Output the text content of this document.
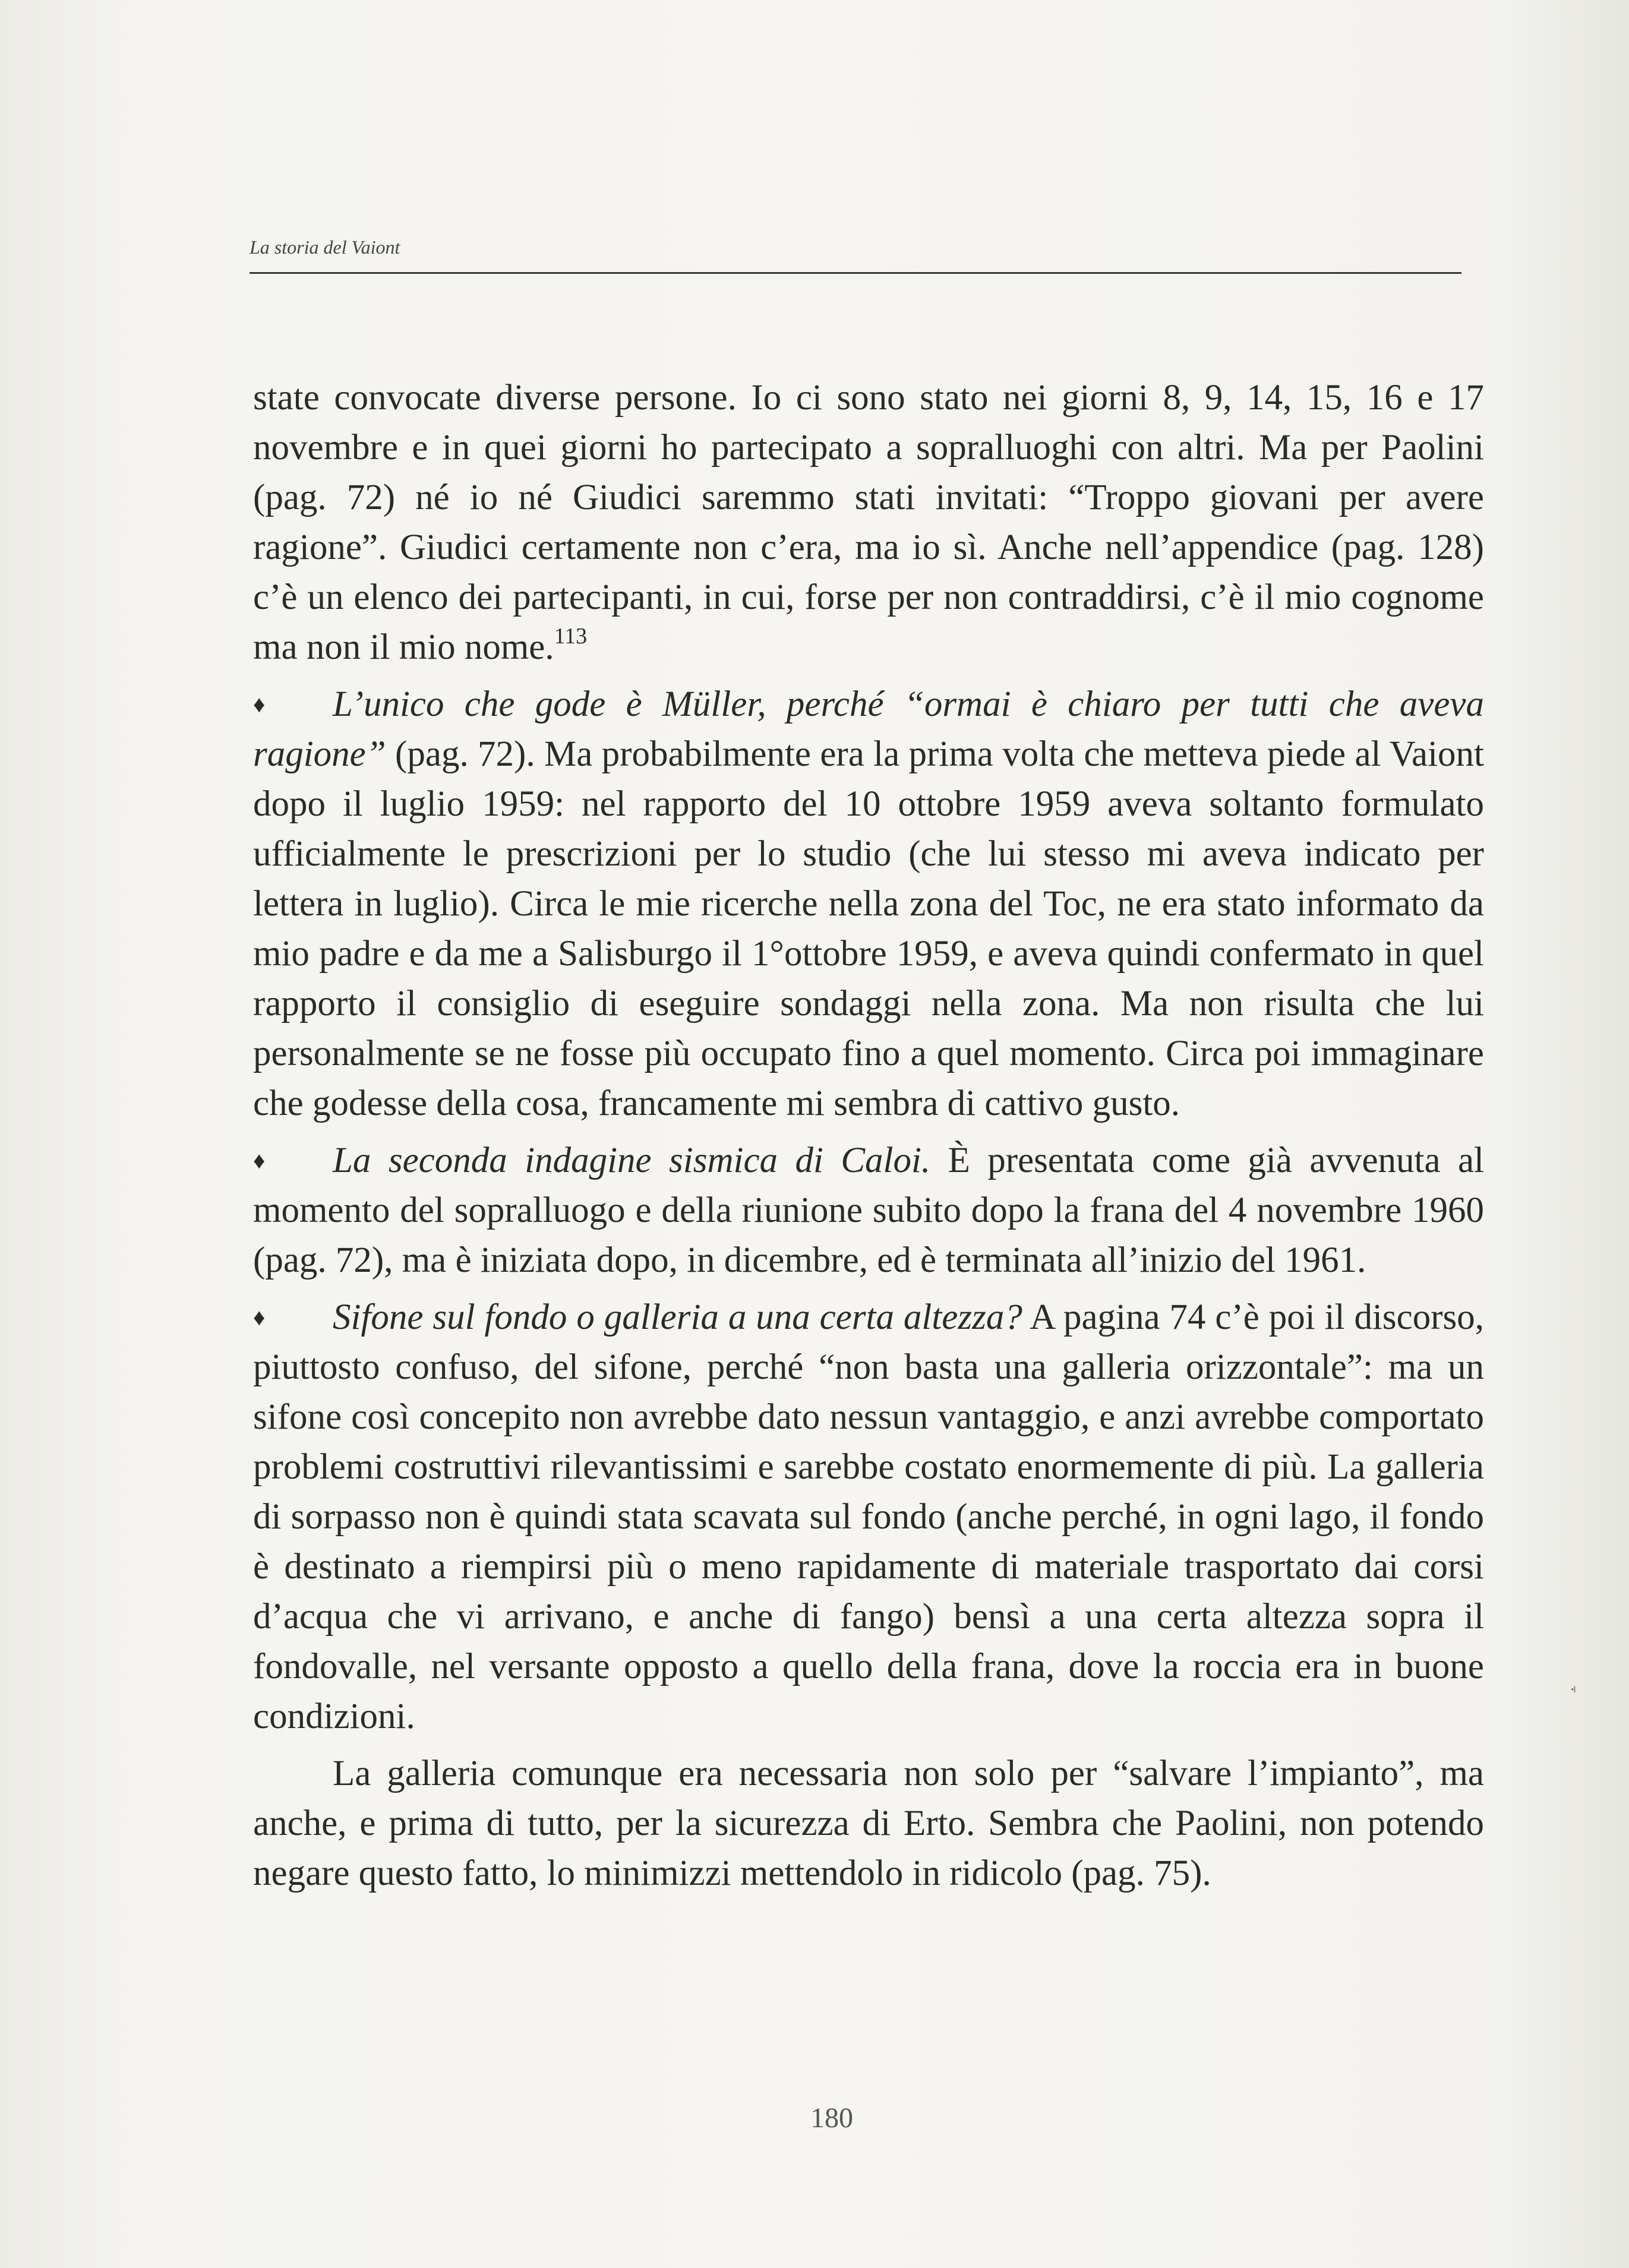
La storia del Vaiont

state convocate diverse persone. Io ci sono stato nei giorni 8, 9, 14, 15, 16 e 17 novembre e in quei giorni ho partecipato a sopralluoghi con altri. Ma per Paolini (pag. 72) né io né Giudici saremmo stati invitati: “Troppo giovani per avere ragione”. Giudici certamente non c’era, ma io sì. Anche nell’appendice (pag. 128) c’è un elenco dei partecipanti, in cui, forse per non contraddirsi, c’è il mio cognome ma non il mio nome.$^{113}$

♦ L’unico che gode è Müller, perché “ormai è chiaro per tutti che aveva ragione” (pag. 72). Ma probabilmente era la prima volta che metteva piede al Vaiont dopo il luglio 1959: nel rapporto del 10 ottobre 1959 aveva soltanto formulato ufficialmente le prescrizioni per lo studio (che lui stesso mi aveva indicato per lettera in luglio). Circa le mie ricerche nella zona del Toc, ne era stato informato da mio padre e da me a Salisburgo il 1°ottobre 1959, e aveva quindi confermato in quel rapporto il consiglio di eseguire sondaggi nella zona. Ma non risulta che lui personalmente se ne fosse più occupato fino a quel momento. Circa poi immaginare che godesse della cosa, francamente mi sembra di cattivo gusto.

♦ La seconda indagine sismica di Caloi. È presentata come già avvenuta al momento del sopralluogo e della riunione subito dopo la frana del 4 novembre 1960 (pag. 72), ma è iniziata dopo, in dicembre, ed è terminata all’inizio del 1961.

♦ Sifone sul fondo o galleria a una certa altezza? A pagina 74 c’è poi il discorso, piuttosto confuso, del sifone, perché “non basta una galleria orizzontale”: ma un sifone così concepito non avrebbe dato nessun vantaggio, e anzi avrebbe comportato problemi costruttivi rilevantissimi e sarebbe costato enormemente di più. La galleria di sorpasso non è quindi stata scavata sul fondo (anche perché, in ogni lago, il fondo è destinato a riempirsi più o meno rapidamente di materiale trasportato dai corsi d’acqua che vi arrivano, e anche di fango) bensì a una certa altezza sopra il fondovalle, nel versante opposto a quello della frana, dove la roccia era in buone condizioni.

La galleria comunque era necessaria non solo per “salvare l’impianto”, ma anche, e prima di tutto, per la sicurezza di Erto. Sembra che Paolini, non potendo negare questo fatto, lo minimizzi mettendolo in ridicolo (pag. 75).

180
